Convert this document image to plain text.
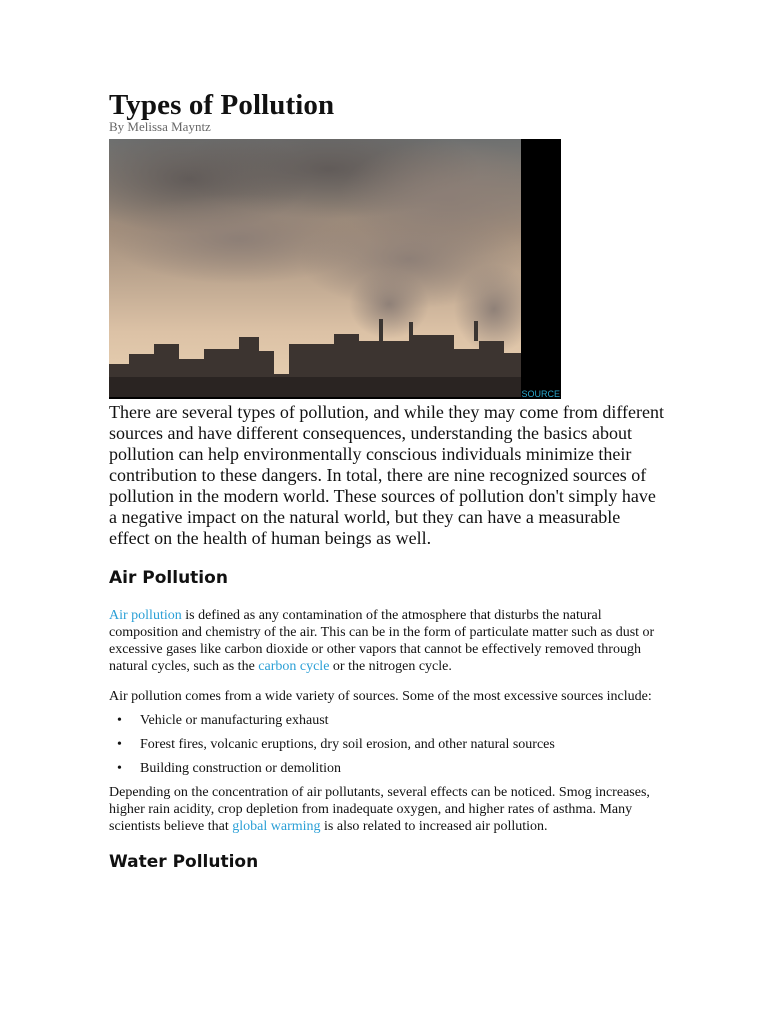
Types of Pollution
By Melissa Mayntz
SOURCE

There are several types of pollution, and while they may come from different sources and have different consequences, understanding the basics about pollution can help environmentally conscious individuals minimize their contribution to these dangers. In total, there are nine recognized sources of pollution in the modern world. These sources of pollution don't simply have a negative impact on the natural world, but they can have a measurable effect on the health of human beings as well.

Air Pollution

Air pollution is defined as any contamination of the atmosphere that disturbs the natural composition and chemistry of the air. This can be in the form of particulate matter such as dust or excessive gases like carbon dioxide or other vapors that cannot be effectively removed through natural cycles, such as the carbon cycle or the nitrogen cycle.

Air pollution comes from a wide variety of sources. Some of the most excessive sources include:

• Vehicle or manufacturing exhaust
• Forest fires, volcanic eruptions, dry soil erosion, and other natural sources
• Building construction or demolition

Depending on the concentration of air pollutants, several effects can be noticed. Smog increases, higher rain acidity, crop depletion from inadequate oxygen, and higher rates of asthma. Many scientists believe that global warming is also related to increased air pollution.

Water Pollution
